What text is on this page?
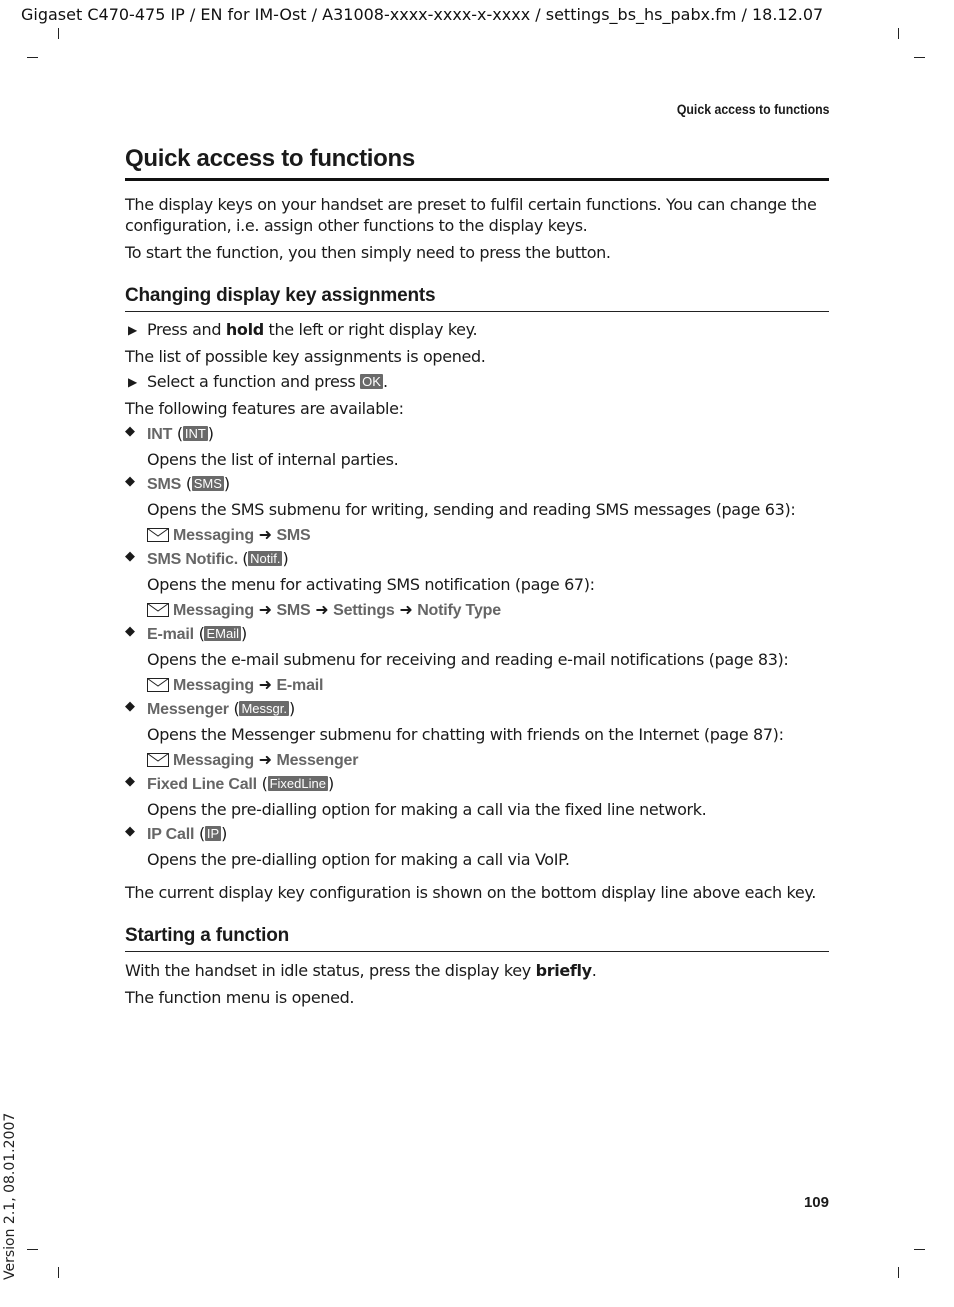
Gigaset C470-475 IP / EN for IM-Ost / A31008-xxxx-xxxx-x-xxxx / settings_bs_hs_pabx.fm / 18.12.07
Quick access to functions
Quick access to functions

The display keys on your handset are preset to fulfil certain functions. You can change the configuration, i.e. assign other functions to the display keys.

To start the function, you then simply need to press the button.

Changing display key assignments
▶ Press and hold the left or right display key.

The list of possible key assignments is opened.

▶ Select a function and press OK .

The following features are available:

◆ INT ( INT )
Opens the list of internal parties.
◆ SMS ( SMS )
Opens the SMS submenu for writing, sending and reading SMS messages (page 63):
Messaging ➜ SMS
◆ SMS Notific. ( Notif. )
Opens the menu for activating SMS notification (page 67):
Messaging ➜ SMS ➜ Settings ➜ Notify Type
◆ E-mail ( EMail )
Opens the e-mail submenu for receiving and reading e-mail notifications (page 83):
Messaging ➜ E-mail
◆ Messenger ( Messgr. )
Opens the Messenger submenu for chatting with friends on the Internet (page 87):
Messaging ➜ Messenger
◆ Fixed Line Call ( FixedLine )
Opens the pre-dialling option for making a call via the fixed line network.
◆ IP Call ( IP )
Opens the pre-dialling option for making a call via VoIP.

The current display key configuration is shown on the bottom display line above each key.

Starting a function

With the handset in idle status, press the display key briefly.

The function menu is opened.

109
Version 2.1, 08.01.2007
